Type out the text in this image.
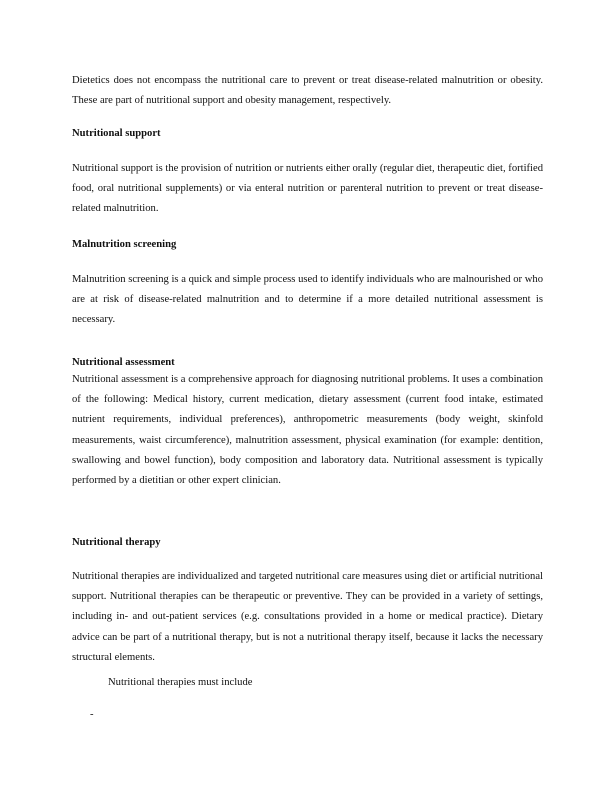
Dietetics does not encompass the nutritional care to prevent or treat disease-related malnutrition or obesity. These are part of nutritional support and obesity management, respectively.

Nutritional support

Nutritional support is the provision of nutrition or nutrients either orally (regular diet, therapeutic diet, fortified food, oral nutritional supplements) or via enteral nutrition or parenteral nutrition to prevent or treat disease-related malnutrition.

Malnutrition screening

Malnutrition screening is a quick and simple process used to identify individuals who are malnourished or who are at risk of disease-related malnutrition and to determine if a more detailed nutritional assessment is necessary.

Nutritional assessment

Nutritional assessment is a comprehensive approach for diagnosing nutritional problems. It uses a combination of the following: Medical history, current medication, dietary assessment (current food intake, estimated nutrient requirements, individual preferences), anthropometric measurements (body weight, skinfold measurements, waist circumference), malnutrition assessment, physical examination (for example: dentition, swallowing and bowel function), body composition and laboratory data. Nutritional assessment is typically performed by a dietitian or other expert clinician.

Nutritional therapy

Nutritional therapies are individualized and targeted nutritional care measures using diet or artificial nutritional support. Nutritional therapies can be therapeutic or preventive. They can be provided in a variety of settings, including in- and out-patient services (e.g. consultations provided in a home or medical practice). Dietary advice can be part of a nutritional therapy, but is not a nutritional therapy itself, because it lacks the necessary structural elements.

Nutritional therapies must include

-
